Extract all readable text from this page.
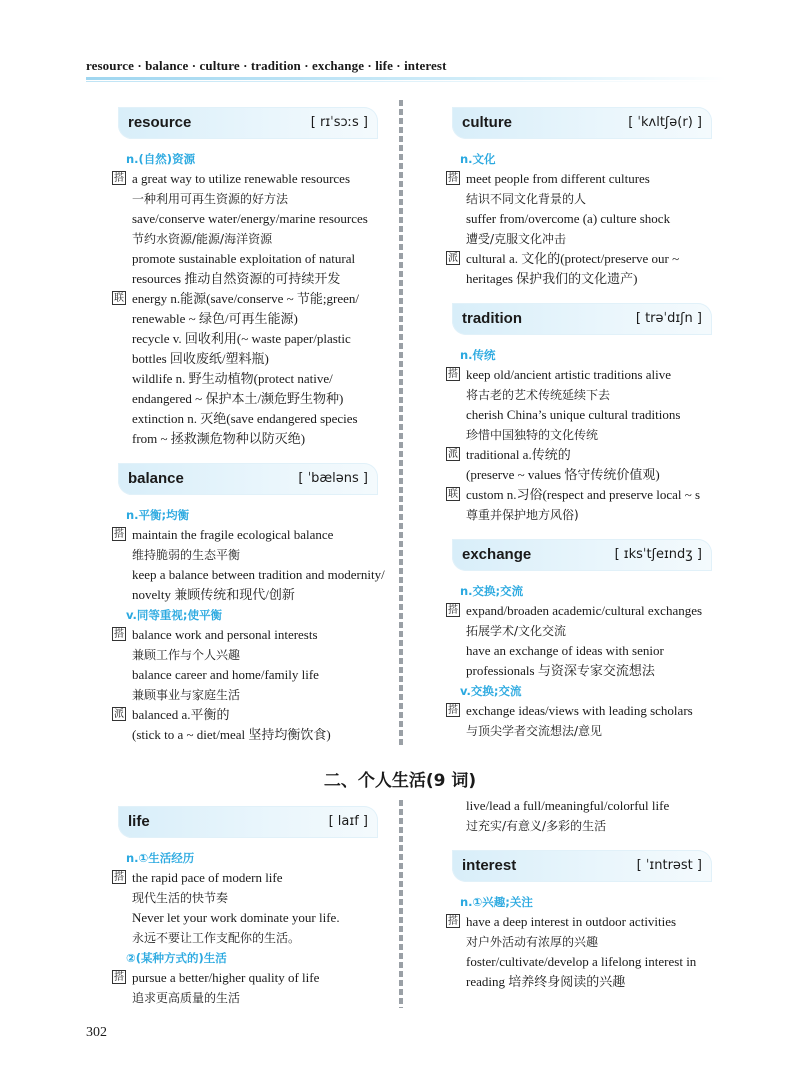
resource · balance · culture · tradition · exchange · life · interest
resource	[ rɪˈsɔːs ]
n.(自然)资源
搭 a great way to utilize renewable resources
一种利用可再生资源的好方法
save/conserve water/energy/marine resources
节约水资源/能源/海洋资源
promote sustainable exploitation of natural
resources 推动自然资源的可持续开发
联 energy n.能源(save/conserve ~ 节能;green/
renewable ~ 绿色/可再生能源)
recycle v. 回收利用(~ waste paper/plastic
bottles 回收废纸/塑料瓶)
wildlife n. 野生动植物(protect native/
endangered ~ 保护本土/濒危野生物种)
extinction n. 灭绝(save endangered species
from ~ 拯救濒危物种以防灭绝)
balance	[ ˈbæləns ]
n.平衡;均衡
搭 maintain the fragile ecological balance
维持脆弱的生态平衡
keep a balance between tradition and modernity/
novelty 兼顾传统和现代/创新
v.同等重视;使平衡
搭 balance work and personal interests
兼顾工作与个人兴趣
balance career and home/family life
兼顾事业与家庭生活
派 balanced a.平衡的
(stick to a ~ diet/meal 坚持均衡饮食)
culture	[ ˈkʌltʃə(r) ]
n.文化
搭 meet people from different cultures
结识不同文化背景的人
suffer from/overcome (a) culture shock
遭受/克服文化冲击
派 cultural a. 文化的(protect/preserve our ~
heritages 保护我们的文化遗产)
tradition	[ trəˈdɪʃn ]
n.传统
搭 keep old/ancient artistic traditions alive
将古老的艺术传统延续下去
cherish China’s unique cultural traditions
珍惜中国独特的文化传统
派 traditional a.传统的
(preserve ~ values 恪守传统价值观)
联 custom n.习俗(respect and preserve local ~ s
尊重并保护地方风俗)
exchange	[ ɪksˈtʃeɪndʒ ]
n.交换;交流
搭 expand/broaden academic/cultural exchanges
拓展学术/文化交流
have an exchange of ideas with senior
professionals 与资深专家交流想法
v.交换;交流
搭 exchange ideas/views with leading scholars
与顶尖学者交流想法/意见
二、个人生活(9 词)
life	[ laɪf ]
n.①生活经历
搭 the rapid pace of modern life
现代生活的快节奏
Never let your work dominate your life.
永远不要让工作支配你的生活。
②(某种方式的)生活
搭 pursue a better/higher quality of life
追求更高质量的生活
live/lead a full/meaningful/colorful life
过充实/有意义/多彩的生活
interest	[ ˈɪntrəst ]
n.①兴趣;关注
搭 have a deep interest in outdoor activities
对户外活动有浓厚的兴趣
foster/cultivate/develop a lifelong interest in
reading 培养终身阅读的兴趣
302
